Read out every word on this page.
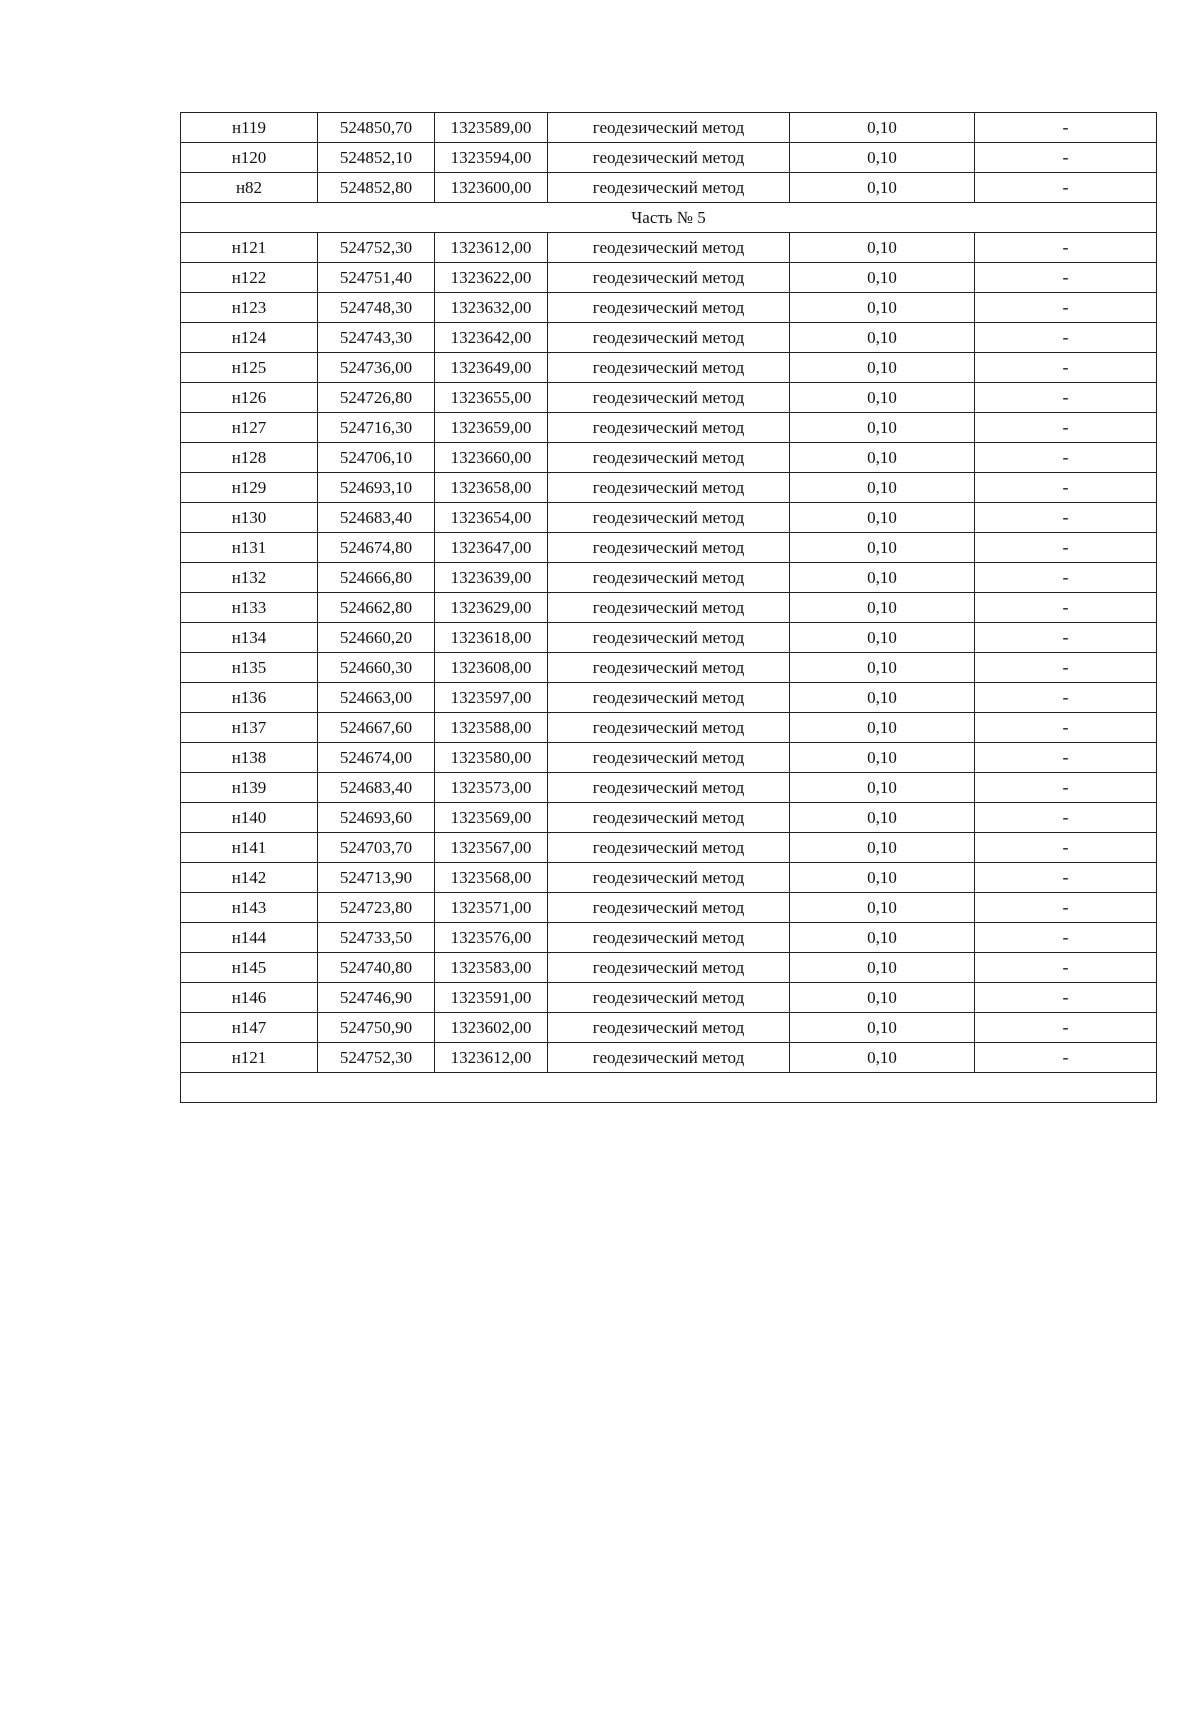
н119	524850,70	1323589,00	геодезический метод	0,10	-
н120	524852,10	1323594,00	геодезический метод	0,10	-
н82	524852,80	1323600,00	геодезический метод	0,10	-
Часть № 5					
н121	524752,30	1323612,00	геодезический метод	0,10	-
н122	524751,40	1323622,00	геодезический метод	0,10	-
н123	524748,30	1323632,00	геодезический метод	0,10	-
н124	524743,30	1323642,00	геодезический метод	0,10	-
н125	524736,00	1323649,00	геодезический метод	0,10	-
н126	524726,80	1323655,00	геодезический метод	0,10	-
н127	524716,30	1323659,00	геодезический метод	0,10	-
н128	524706,10	1323660,00	геодезический метод	0,10	-
н129	524693,10	1323658,00	геодезический метод	0,10	-
н130	524683,40	1323654,00	геодезический метод	0,10	-
н131	524674,80	1323647,00	геодезический метод	0,10	-
н132	524666,80	1323639,00	геодезический метод	0,10	-
н133	524662,80	1323629,00	геодезический метод	0,10	-
н134	524660,20	1323618,00	геодезический метод	0,10	-
н135	524660,30	1323608,00	геодезический метод	0,10	-
н136	524663,00	1323597,00	геодезический метод	0,10	-
н137	524667,60	1323588,00	геодезический метод	0,10	-
н138	524674,00	1323580,00	геодезический метод	0,10	-
н139	524683,40	1323573,00	геодезический метод	0,10	-
н140	524693,60	1323569,00	геодезический метод	0,10	-
н141	524703,70	1323567,00	геодезический метод	0,10	-
н142	524713,90	1323568,00	геодезический метод	0,10	-
н143	524723,80	1323571,00	геодезический метод	0,10	-
н144	524733,50	1323576,00	геодезический метод	0,10	-
н145	524740,80	1323583,00	геодезический метод	0,10	-
н146	524746,90	1323591,00	геодезический метод	0,10	-
н147	524750,90	1323602,00	геодезический метод	0,10	-
н121	524752,30	1323612,00	геодезический метод	0,10	-
